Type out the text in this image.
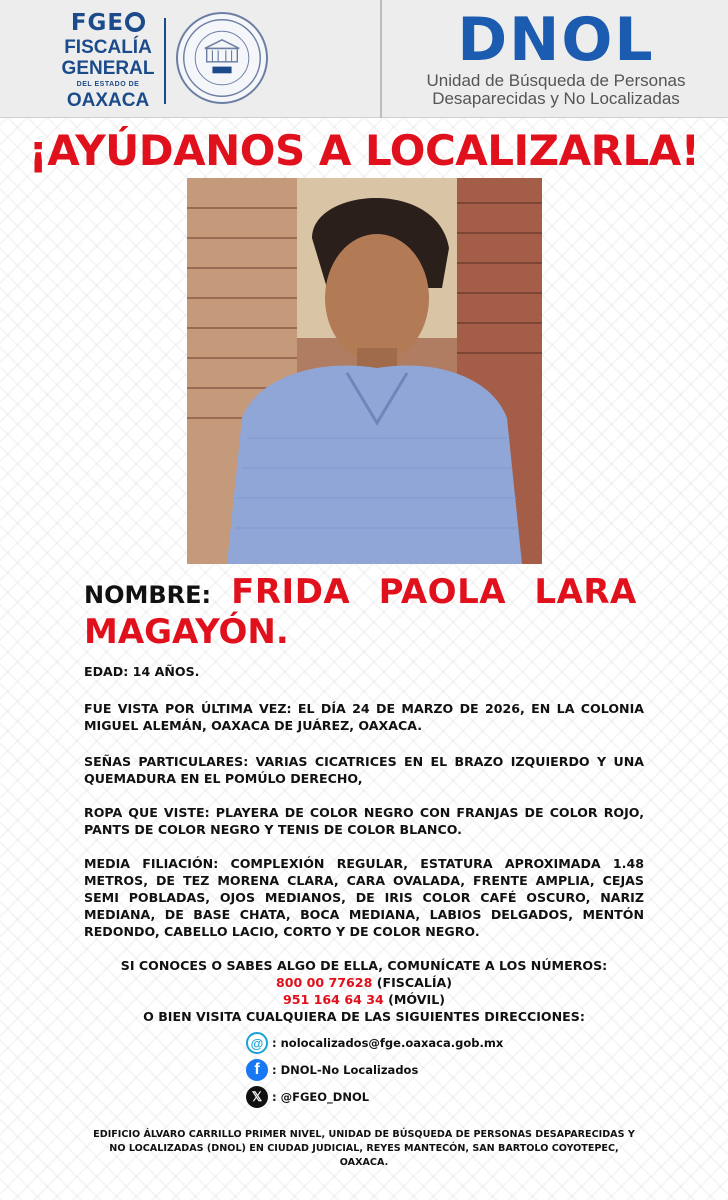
FGE
FISCALÍA
GENERAL
DEL ESTADO DE
OAXACA
DNOL
Unidad de Búsqueda de Personas
Desaparecidas y No Localizadas
¡AYÚDANOS A LOCALIZARLA!
NOMBRE: FRIDA PAOLA LARA
MAGAYÓN.
EDAD: 14 AÑOS.
FUE VISTA POR ÚLTIMA VEZ: EL DÍA 24 DE MARZO DE 2026, EN LA COLONIA MIGUEL ALEMÁN, OAXACA DE JUÁREZ, OAXACA.
SEÑAS PARTICULARES: VARIAS CICATRICES EN EL BRAZO IZQUIERDO Y UNA QUEMADURA EN EL POMÚLO DERECHO,
ROPA QUE VISTE: PLAYERA DE COLOR NEGRO CON FRANJAS DE COLOR ROJO, PANTS DE COLOR NEGRO Y TENIS DE COLOR BLANCO.
MEDIA FILIACIÓN: COMPLEXIÓN REGULAR, ESTATURA APROXIMADA 1.48 METROS, DE TEZ MORENA CLARA, CARA OVALADA, FRENTE AMPLIA, CEJAS SEMI POBLADAS, OJOS MEDIANOS, DE IRIS COLOR CAFÉ OSCURO, NARIZ MEDIANA, DE BASE CHATA, BOCA MEDIANA, LABIOS DELGADOS, MENTÓN REDONDO, CABELLO LACIO, CORTO Y DE COLOR NEGRO.
SI CONOCES O SABES ALGO DE ELLA, COMUNÍCATE A LOS NÚMEROS:
800 00 77628 (FISCALÍA)
951 164 64 34 (MÓVIL)
O BIEN VISITA CUALQUIERA DE LAS SIGUIENTES DIRECCIONES:
@ : nolocalizados@fge.oaxaca.gob.mx
f	: DNOL-No Localizados
𝕏 : @FGEO_DNOL
EDIFICIO ÁLVARO CARRILLO PRIMER NIVEL, UNIDAD DE BÚSQUEDA DE PERSONAS DESAPARECIDAS Y NO LOCALIZADAS (DNOL) EN CIUDAD JUDICIAL, REYES MANTECÓN, SAN BARTOLO COYOTEPEC, OAXACA.
